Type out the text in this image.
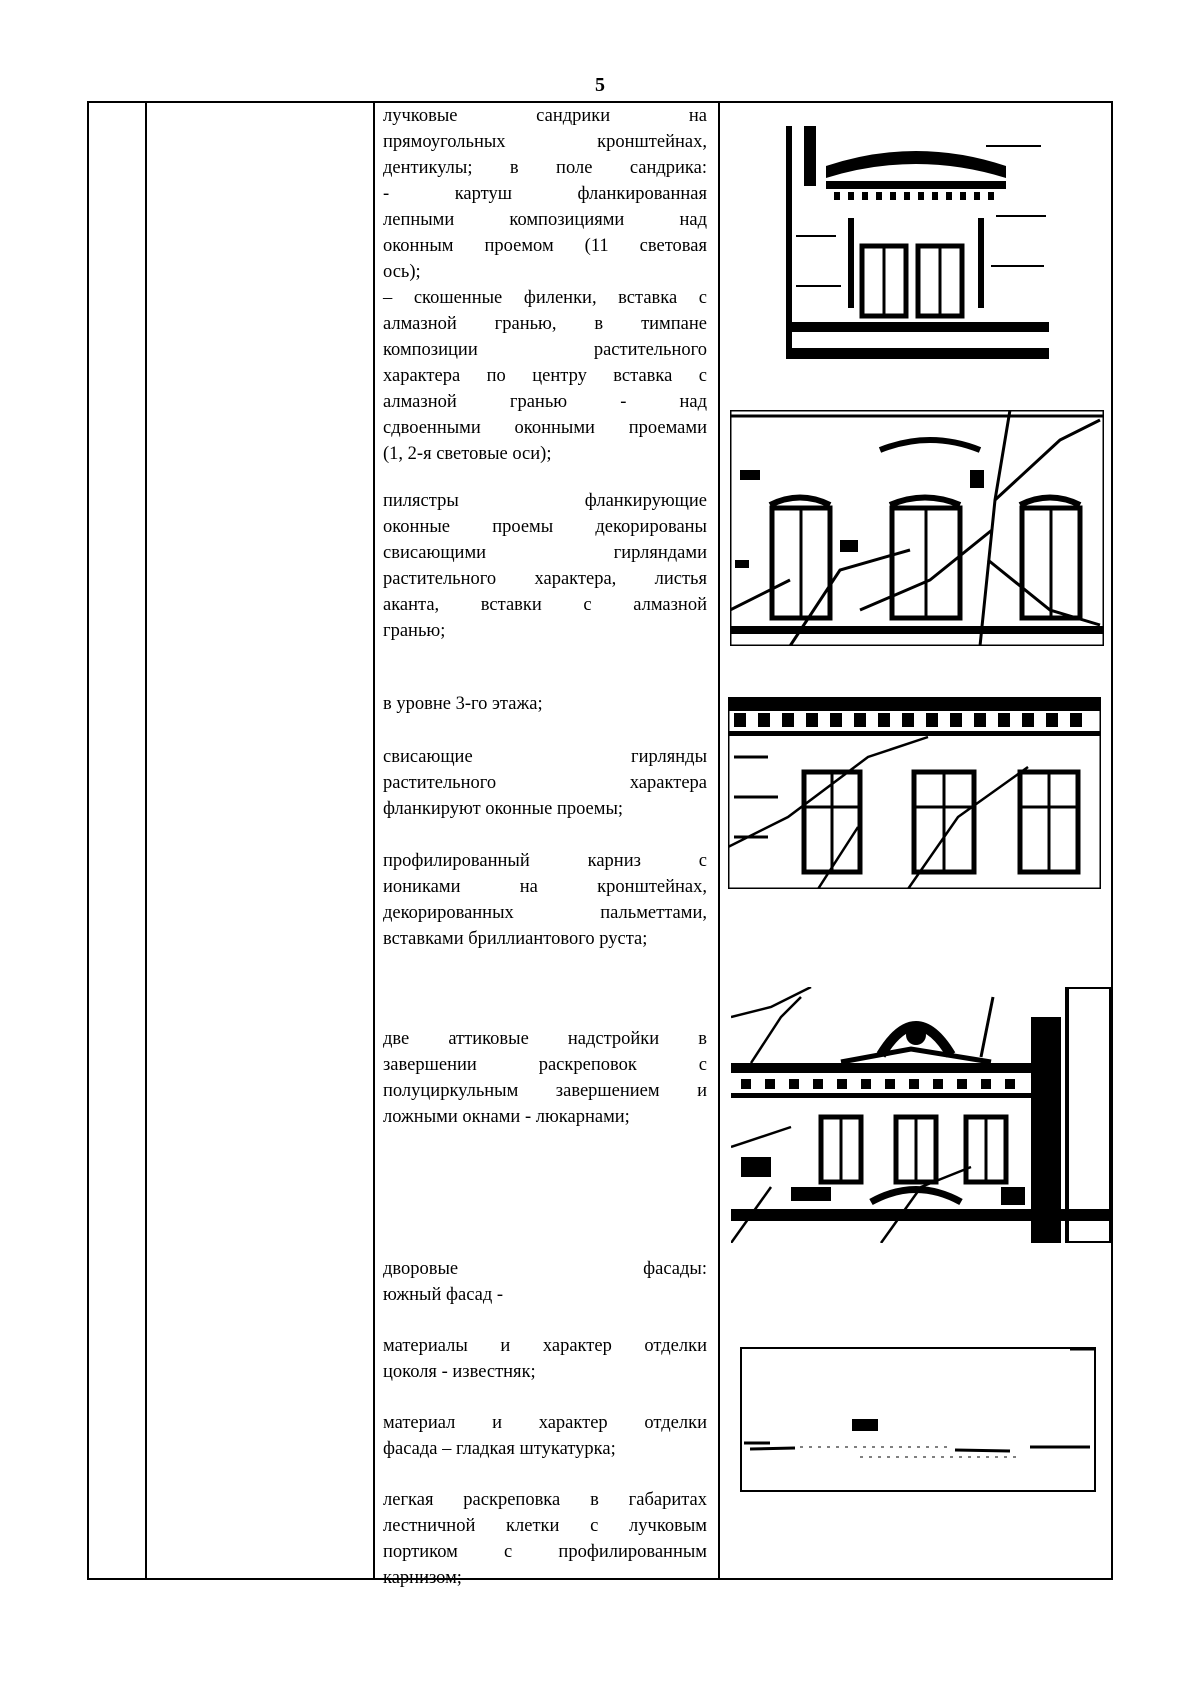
5
лучковые сандрики на
прямоугольных кронштейнах,
дентикулы; в поле сандрика:
- картуш фланкированная
лепными композициями над
оконным проемом (11 световая
ось);
– скошенные филенки, вставка с
алмазной гранью, в тимпане
композиции растительного
характера по центру вставка с
алмазной гранью - над
сдвоенными оконными проемами
(1, 2-я световые оси);
пилястры фланкирующие
оконные проемы декорированы
свисающими гирляндами
растительного характера, листья
аканта, вставки с алмазной
гранью;
в уровне 3-го этажа;
свисающие гирлянды
растительного характера
фланкируют оконные проемы;
профилированный карниз с
иониками на кронштейнах,
декорированных пальметтами,
вставками бриллиантового руста;
две аттиковые надстройки в
завершении раскреповок с
полуциркульным завершением и
ложными окнами - люкарнами;
дворовые фасады:
южный фасад -
материалы и характер отделки
цоколя - известняк;
материал и характер отделки
фасада – гладкая штукатурка;
легкая раскреповка в габаритах
лестничной клетки с лучковым
портиком с профилированным
карнизом;
